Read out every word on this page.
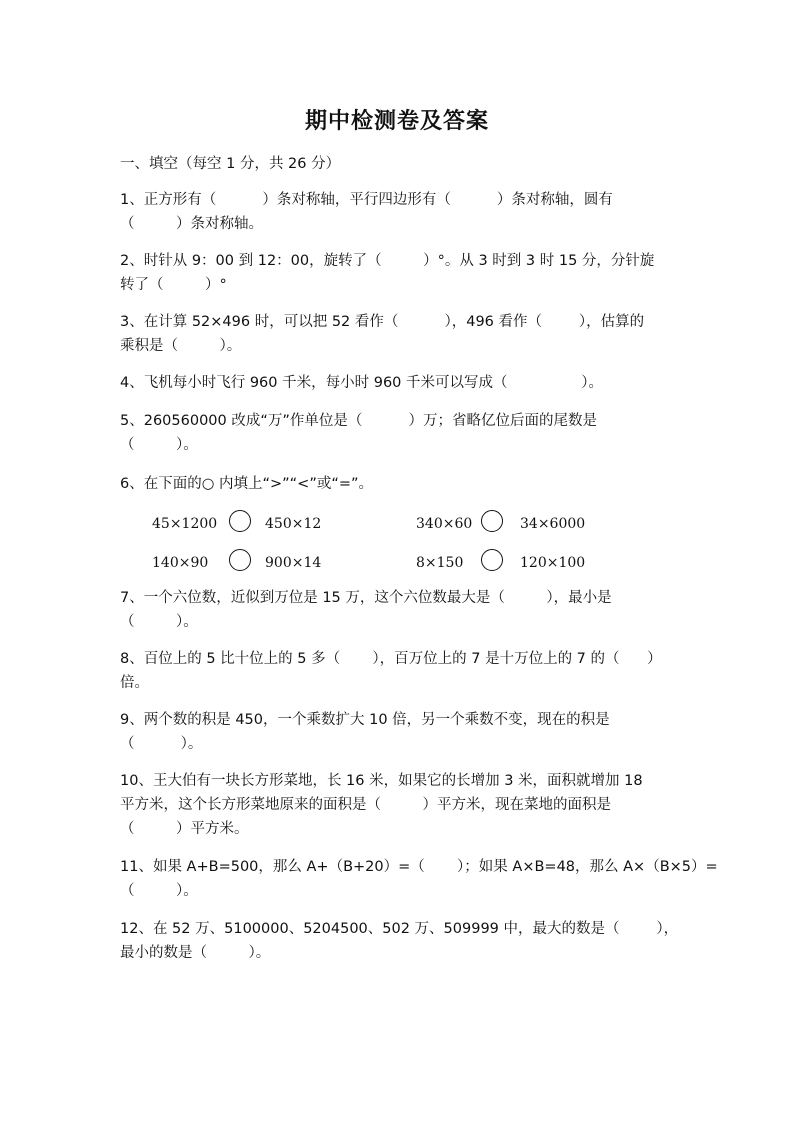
期中检测卷及答案
一、填空（每空 1 分，共 26 分）
1、正方形有（          ）条对称轴，平行四边形有（          ）条对称轴，圆有
（         ）条对称轴。
2、时针从 9：00 到 12：00，旋转了（         ）°。从 3 时到 3 时 15 分，分针旋
转了（         ）°
3、在计算 52×496 时，可以把 52 看作（          ），496 看作（        ），估算的
乘积是（         ）。
4、飞机每小时飞行 960 千米，每小时 960 千米可以写成（                ）。
5、260560000 改成“万”作单位是（          ）万；省略亿位后面的尾数是
（         ）。
6、在下面的○ 内填上“>”“<”或“=”。
45×1200	450×12	340×60	34×6000
140×90	900×14	8×150	120×100
7、一个六位数，近似到万位是 15 万，这个六位数最大是（         ），最小是
（         ）。
8、百位上的 5 比十位上的 5 多（       ），百万位上的 7 是十万位上的 7 的（      ）
倍。
9、两个数的积是 450，一个乘数扩大 10 倍，另一个乘数不变，现在的积是
（          ）。
10、王大伯有一块长方形菜地，长 16 米，如果它的长增加 3 米，面积就增加 18
平方米，这个长方形菜地原来的面积是（         ）平方米，现在菜地的面积是
（         ）平方米。
11、如果 A+B=500，那么 A+（B+20）=（       ）；如果 A×B=48，那么 A×（B×5）=
（         ）。
12、在 52 万、5100000、5204500、502 万、509999 中，最大的数是（        ），
最小的数是（         ）。
